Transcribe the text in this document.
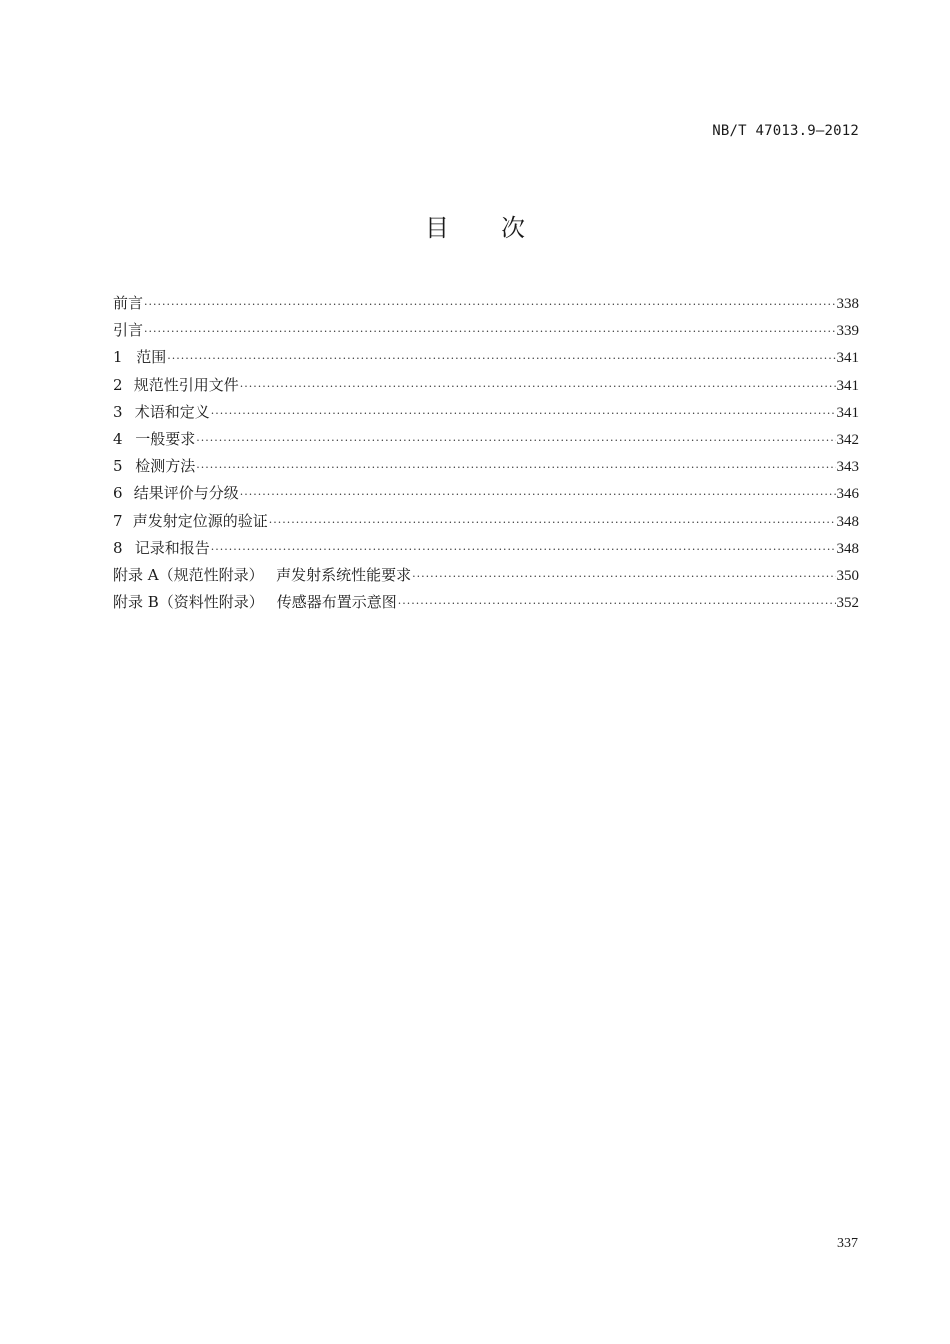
NB/T 47013.9—2012
目 次
前言 ·····	338
引言 ·····	339
1 范围 ·····	341
2 规范性引用文件 ·····	341
3 术语和定义 ·····	341
4 一般要求 ·····	342
5 检测方法 ·····	343
6 结果评价与分级 ·····	346
7 声发射定位源的验证 ·····	348
8 记录和报告 ·····	348
附录 A（规范性附录） 声发射系统性能要求 ·····	350
附录 B（资料性附录） 传感器布置示意图 ·····	352
337
